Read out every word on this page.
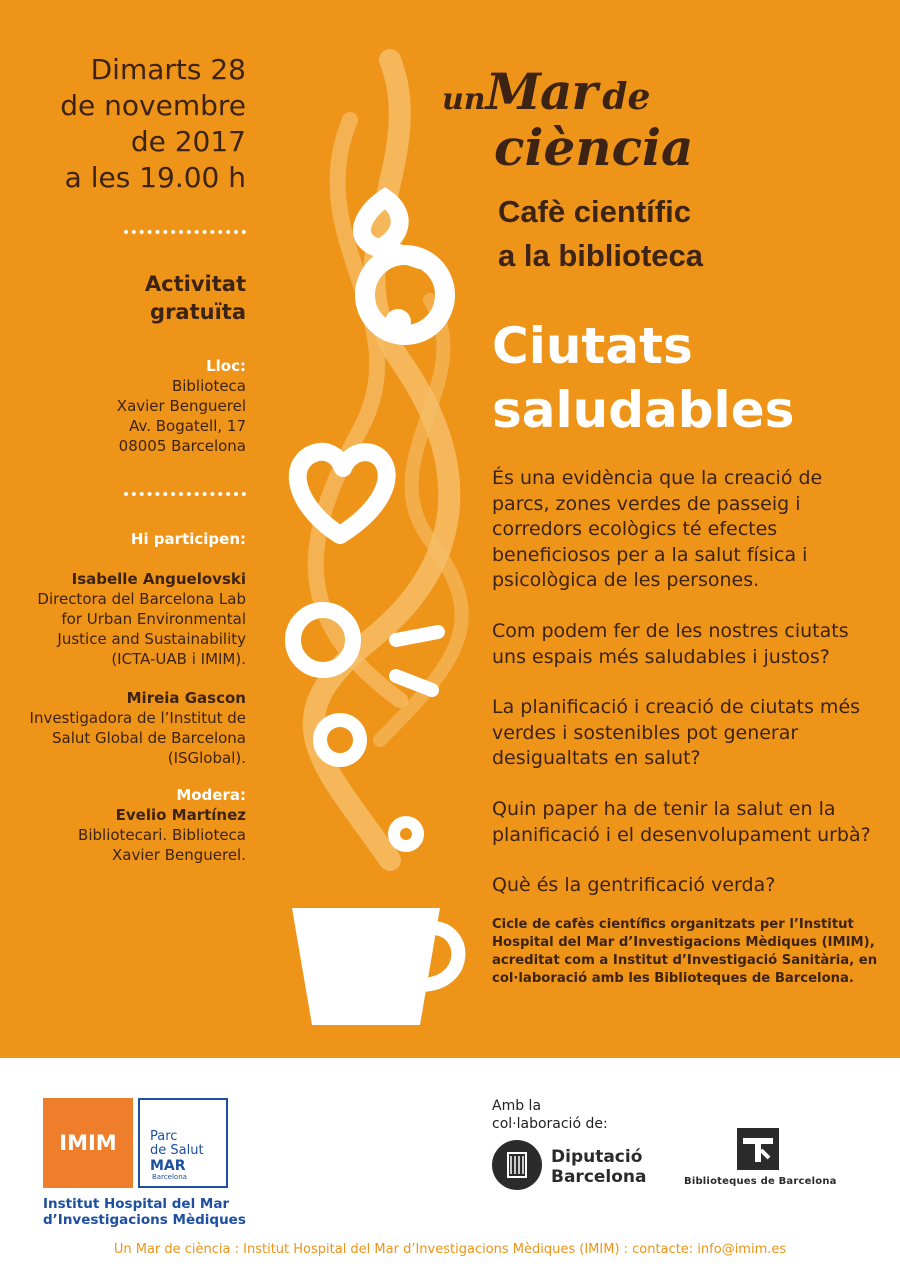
Dimarts 28
de novembre
de 2017
a les 19.00 h
Activitat
gratuïta
Lloc:
Biblioteca
Xavier Benguerel
Av. Bogatell, 17
08005 Barcelona
Hi participen:
Isabelle Anguelovski
Directora del Barcelona Lab
for Urban Environmental
Justice and Sustainability
(ICTA-UAB i IMIM).
Mireia Gascon
Investigadora de l’Institut de
Salut Global de Barcelona
(ISGlobal).
Modera:
Evelio Martínez
Bibliotecari. Biblioteca
Xavier Benguerel.
unMar de
ciència
Cafè científic
a la biblioteca
Ciutats
saludables
És una evidència que la creació de
parcs, zones verdes de passeig i
corredors ecològics té efectes
beneficiosos per a la salut física i
psicològica de les persones.
Com podem fer de les nostres ciutats
uns espais més saludables i justos?
La planificació i creació de ciutats més
verdes i sostenibles pot generar
desigualtats en salut?
Quin paper ha de tenir la salut en la
planificació i el desenvolupament urbà?
Què és la gentrificació verda?
Cicle de cafès científics organitzats per l’Institut Hospital del Mar d’Investigacions Mèdiques (IMIM), acreditat com a Institut d’Investigació Sanitària, en col·laboració amb les Biblioteques de Barcelona.
IMIM	Parc
de Salut
MAR
Barcelona
Institut Hospital del Mar
d’Investigacions Mèdiques
Amb la
col·laboració de:
Diputació
Barcelona	Biblioteques de Barcelona
Un Mar de ciència : Institut Hospital del Mar d’Investigacions Mèdiques (IMIM) : contacte: info@imim.es
